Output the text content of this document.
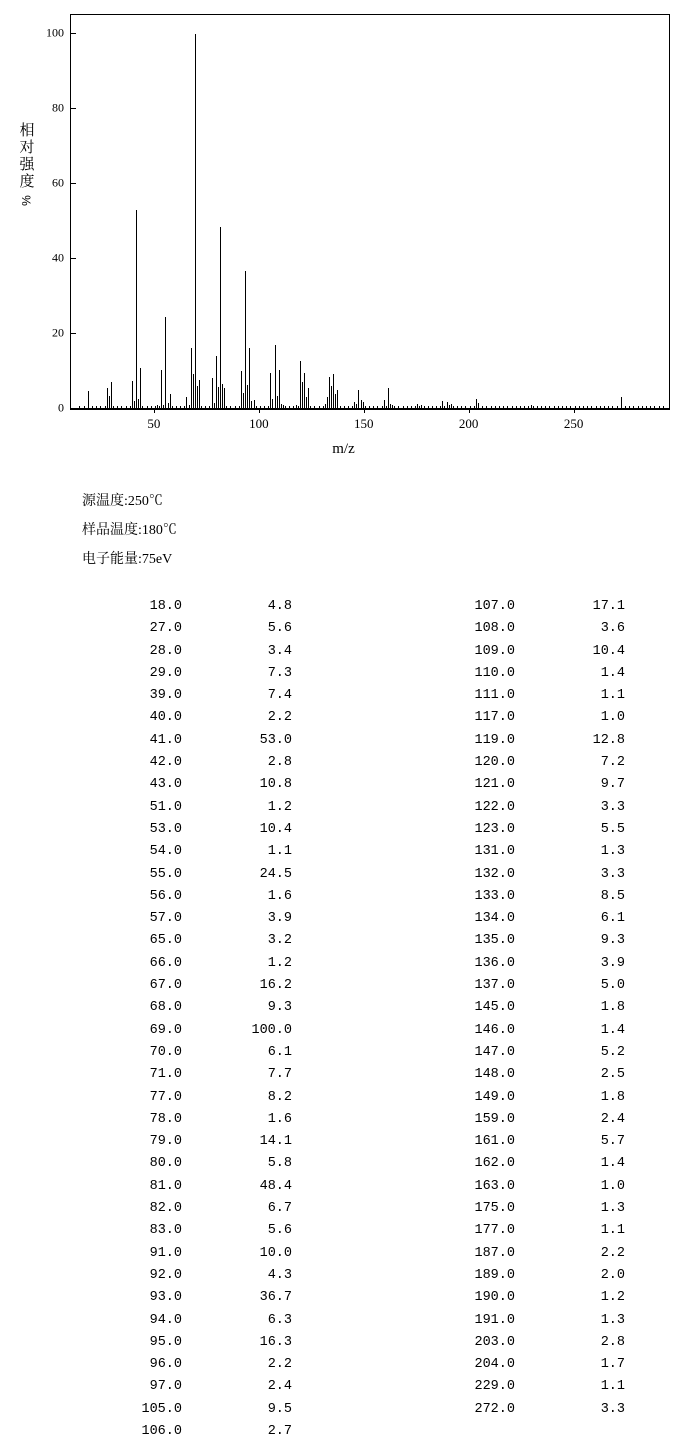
相对强度
%
m/z
0
20
40
60
80
100
50	100	150	200	250
源温度:250℃
样品温度:180℃
电子能量:75eV
18.0	4.8
27.0	5.6
28.0	3.4
29.0	7.3
39.0	7.4
40.0	2.2
41.0	53.0
42.0	2.8
43.0	10.8
51.0	1.2
53.0	10.4
54.0	1.1
55.0	24.5
56.0	1.6
57.0	3.9
65.0	3.2
66.0	1.2
67.0	16.2
68.0	9.3
69.0	100.0
70.0	6.1
71.0	7.7
77.0	8.2
78.0	1.6
79.0	14.1
80.0	5.8
81.0	48.4
82.0	6.7
83.0	5.6
91.0	10.0
92.0	4.3
93.0	36.7
94.0	6.3
95.0	16.3
96.0	2.2
97.0	2.4
105.0	9.5
106.0	2.7
107.0	17.1
108.0	3.6
109.0	10.4
110.0	1.4
111.0	1.1
117.0	1.0
119.0	12.8
120.0	7.2
121.0	9.7
122.0	3.3
123.0	5.5
131.0	1.3
132.0	3.3
133.0	8.5
134.0	6.1
135.0	9.3
136.0	3.9
137.0	5.0
145.0	1.8
146.0	1.4
147.0	5.2
148.0	2.5
149.0	1.8
159.0	2.4
161.0	5.7
162.0	1.4
163.0	1.0
175.0	1.3
177.0	1.1
187.0	2.2
189.0	2.0
190.0	1.2
191.0	1.3
203.0	2.8
204.0	1.7
229.0	1.1
272.0	3.3
